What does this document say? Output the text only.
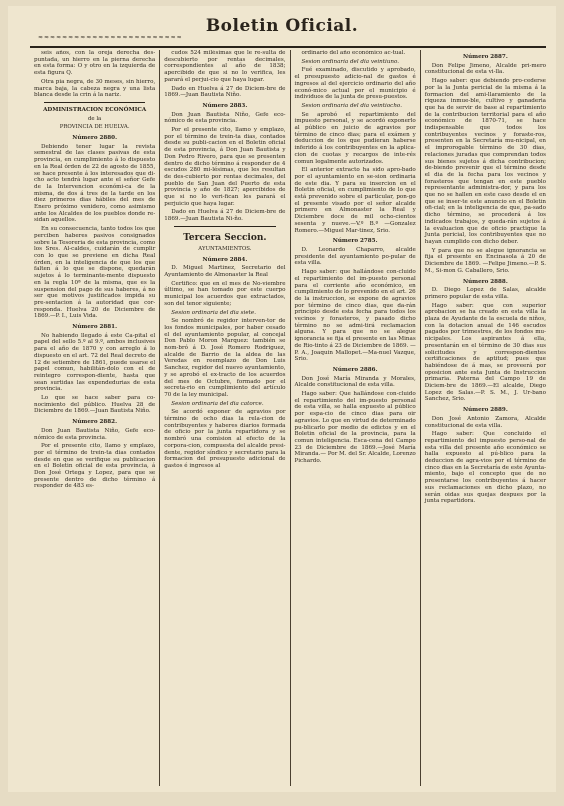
≈≈≈≈≈≈≈≈≈≈≈≈≈≈≈≈≈≈≈≈≈≈≈≈
Boletin Oficial.

seis años, con la oreja derecha des-puntada, un hierro en la pierna derecha en esta forma: O y otro en la izquierda de esta figura Q.

Otra pia negra, de 30 meses, sin hierro, marca baja, la cabeza negra y una lista blanca desde la crin á la nariz.

ADMINISTRACION ECONÓMICA

de la

PROVINCIA DE HUELVA.

Número 2880.

Debiendo tener lugar la revista semestral de las clases pasivas de esta provincia, en cumplimiento á lo dispuesto en la Real órden de 22 de agosto de 1855, se hace presente á los interesados que di-cho acto tendrá lugar ante el señor Gefe de la Intervencion económi-ca de la misma, de dos á tres de la tarde en los diez primeros dias hábiles del mes de Enero próximo venidero, como asimismo ante los Alcaldes de los pueblos donde re-sidan aquellos.

En su consecuencia, tanto todos los que perciben haberes pasivos consignados sobre la Tesoreria de esta provincia, como los Sres. Al-caldes, cuidarán de cumplir con lo que se previene en dicha Real órden, en la inteligencia de que los que falten á lo que se dispone, quedarán sujetos á lo terminante-mente dispuesto en la regla 10ª de la misma, que es la suspension del pago de sus haberes, á no ser que motivos justificados impida su pre-sentacion á la autoridad que cor-responda. Huelva 20 de Diciembre de 1869.—P. I., Luis Vida.

Número 2881.

No habiendo llegado á este Ca-pital el papel del sello 5.º al 9.º, ambos inclusives para el año de 1870 y con arreglo á lo dispuesto en el art. 72 del Real decreto de 12 de setiembre de 1861, puede usarse el papel comun, habilitán-dolo con el de reintegro correspon-diente, hasta que sean surtidas las expendedurias de esta provincia.

Lo que se hace saber para co-nocimiento del público. Huelva 28 de Diciembre de 1869.—Juan Bautista Niño.

Número 2882.

Don Juan Bautista Niño, Gefe eco-nómico de esta provincia.

Por el presente cito, llamo y emplazo, por el término de trein-ta dias contados desde en que se verifique su publicacion en el Boletin oficial de esta provincia, á Don José Ortega y Lopez, para que se presente dentro de dicho término á responder de 483 es-

cudos 524 milésimas que le re-sulta de descubierto por rentas decimales, correspondientes al año de 1838; apercibido de que si no lo verifica, les parará el perjui-cio que haya lugar.

Dado en Huelva á 27 de Diciem-bre de 1869.—Juan Bautista Niño.

Número 2883.

Don Juan Bautista Niño, Gefe eco-nómico de esta provincia.

Por el presente cito, llamo y emplazo, por el término de trein-ta dias, contados desde su publi-cacion en el Boletin oficial de esta provincia, á Don Juan Bautista y Don Pedro Rivero, para que se presenten dentro de dicho término á responder de 4 escudos 280 mi-lésimas, que les resultan de des-cubierto por rentas decimales, del pueblo de San Juan del Puerto de esta provincia y año de 1827; apercibidos de que si no lo veri-fican les parará el perjuicio que haya lugar.

Dado en Huelva á 27 de Diciem-bre de 1869.—Juan Bautista Ni-ño.

Tercera Seccion.

AYUNTAMIENTOS.

Número 2884.

D. Miguel Martinez, Secretario del Ayuntamiento de Almonaster la Real

Certifico: que en el mes de No-viembre último, se han tomado por este cuerpo municipal los acuerdos que extractados, son del tenor siguiente;

Sesion ordinaria del dia siete.

Se nombró de regidor interven-tor de los fondos municipales, por haber cesado el del ayuntamiento popular, al concejal Don Pablo Moron Marquez: también se nom-bró á D. José Romero Rodriguez, alcalde de Barrio de la aldea de las Veredas en reemplazo de Don Luis Sanchez, regidor del nuevo ayuntamiento, y se aprobó el ex-tracto de los acuerdos del mes de Octubre, formado por el secreta-rio en cumplimiento del artículo 70 de la ley municipal.

Sesion ordinaria del dia catorce.

Se acordó exponer de agravios por término de ocho dias la rela-cion de contribuyentes y haberes diarios formada de oficio por la junta repartidora y se nombró una comision al efecto de la corpora-cion, compuesta del alcalde presi-dente, regidor síndico y secretario para la formacion del presupuesto adicional de gastos é ingresos al

ordinario del año económico ac-tual.

Sesion ordinaria del dia veintiuno.

Fué examinado, discutido y aprobado, el presupuesto adicio-nal de gastos é ingresos al del ejercicio ordinario del año econó-mico actual por el municipio é individuos de la junta de presu-puestos.

Sesion ordinaria del dia veintiocho.

Se aprobó el repartimiento del impuesto personal, y se acordó exponerlo al público en juicio de agravios por término de cinco dias; para el exámen y deduccion de los que pudieran haberse inferido á los contribuyentes en la aplica-cion de cuotas y recargos de inte-rés comun legalmente autorizados.

El anterior extracto ha sido apro-bado por el ayuntamiento en se-sion ordinaria de este dia. Y para su insercion en el Boletin oficial, en cumplimiento de lo que está prevenido sobre el particular, pon-go el presente visado por el señor alcalde primero en Almonaster la Real y Diciembre doce de mil ocho-cientos sesenta y nueve.—V.º B.º —Gonzalez Romero.—Miguel Mar-tinez, Srio.

Número 2785.

D. Leonardo Chaparro, alcalde presidente del ayuntamiento po-pular de esta villa.

Hago saber: que hallándose con-cluido el repartimiento del im-puesto personal para el corriente año económico, en cumplimiento de lo prevenido en el art. 26 de la instruccion, se expone de agravios por término de cinco dias, que da-rán principio desde esta fecha para todos los vecinos y forasteros, y pasado dicho término no se admi-tirá reclamacion alguna. Y para que no se alegue ignorancia se fija el presente en las Minas de Rio-tinto á 23 de Diciembre de 1869. —P. A., Joaquin Mallopet.—Ma-nuel Vazque, Srio.

Número 2886.

Don José María Miranda y Morales, Alcalde constitucional de esta villa.

Hago saber: Que hallándose con-cluido el repartimiento del im-puesto personal de esta villa, se halla expuesto al público por espa-cio de cinco dias para oir agravios. Lo que en virtud de determinado pu-blicarlo por medio de edictos y en el Boletin oficial de la provincia, para la comun inteligencia. Esca-cena del Campo 23 de Diciembre de 1869.—José María Miranda.— Por M. del Sr. Alcalde, Lorenzo Pichardo.

Número 2887.

Don Felipe Jimeno, Alcalde pri-mero constitucional de esta vi-lla.

Hago saber: que debiendo pro-cederse por la la Junta pericial de la misma á la formacion del ami-llaramiento de la riqueza inmue-ble, cultivo y ganaderia que ha de servir de base al repartimiento de la contribucion territorial para el año económico de 1870-71, se hace indispensable que todos los contribuyentes vecinos y foraste-ros, presenten en la Secretaría mu-nicipal, en el improrogable término de 30 dias, relaciones juradas que comprendan todos sus bienes sujetos á dicha contribucion; de-biendo prevenir que el término desde el dia de la fecha para los vecinos y forasteros que tengan en este pueblo representante administra-dor, y para los que no se hallen en este caso desde el en que se inser-te este anuncio en el Boletin ofi-cial; en la inteligencia de que, pa-sado dicho término, se procederá á los indicados trabajos, y queda-rán sujetos á la evaluacion que de oficio practique la Junta pericial, los contribuyentes que no hayan cumplido con dicho deber.

Y para que no se alegue ignorancia se fija el presente en Encinasola á 20 de Diciembre de 1869. —Felipe Jimeno.—P. S. M., Si-mon G. Caballero, Srio.

Número 2888.

D. Diego Lopez de Salas, alcalde primero popular de esta villa.

Hago saber: que con superior aprobacion se ha creado en esta villa la plaza de Ayudante de la escuela de niños, con la dotacion anual de 146 escudos pagados por trimestres, de los fondos mu-nicipales. Los aspirantes á ella, presentarán en el término de 30 dias sus solicitudes y correspon-dientes certificaciones de aptitud; pues que habiéndose de á mas, se proveerá por oposicion ante esta Junta de Instruccion primaria. Paterna del Campo 19 de Diciem-bre de 1869.—El alcalde, Diego Lopez de Salas.—P. S. M., J. Ur-bano Sanchez, Srio.

Número 2889.

Don José Antonio Zamora, Alcalde constitucional de esta villa.

Hago saber: Que concluido el repartimiento del impuesto perso-nal de esta villa del presente año económico se halla expuesto al pú-blico para la deduccion de agra-vios por el término de cinco dias en la Secretaría de este Ayunta-miento, bajo el concepto que de no presentarse los contribuyentes á hacer sus reclamaciones en dicho plazo, no serán oidas sus quejas despues por la junta repartidora.
